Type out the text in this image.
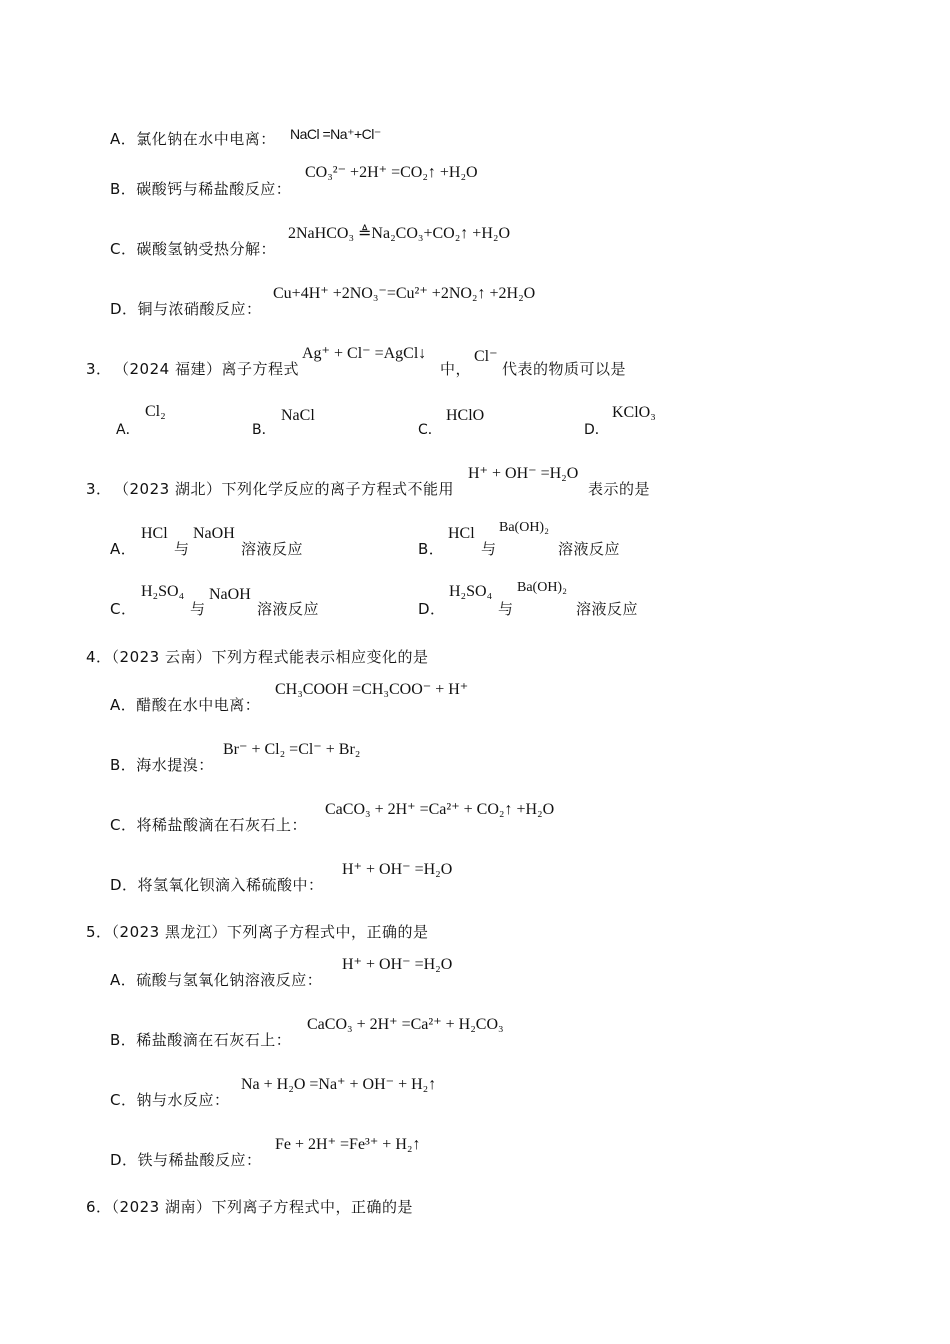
A．氯化钠在水中电离： NaCl =Na⁺+Cl⁻
B．碳酸钙与稀盐酸反应：
CO₃²⁻ +2H⁺ =CO₂↑ +H₂O
C．碳酸氢钠受热分解：
2NaHCO₃ ≜Na₂CO₃+CO₂↑ +H₂O
D．铜与浓硝酸反应：
Cu+4H⁺ +2NO₃⁻=Cu²⁺ +2NO₂↑ +2H₂O
3． （2024 福建）离子方程式
Ag⁺ + Cl⁻ =AgCl↓
中，
Cl⁻
代表的物质可以是
A．
Cl₂
B．
NaCl
C．
HClO
D．
KClO₃
3． （2023 湖北）下列化学反应的离子方程式不能用
H⁺ + OH⁻ =H₂O
表示的是
A．
HCl
与
NaOH
溶液反应	B．
HCl
与
Ba(OH)₂
溶液反应
C．
H₂SO₄
与
NaOH
溶液反应	D．
H₂SO₄
与
Ba(OH)₂
溶液反应
4．（2023 云南）下列方程式能表示相应变化的是
A．醋酸在水中电离：
CH₃COOH =CH₃COO⁻ + H⁺
B．海水提溴：
Br⁻ + Cl₂ =Cl⁻ + Br₂
C．将稀盐酸滴在石灰石上：
CaCO₃ + 2H⁺ =Ca²⁺ + CO₂↑ +H₂O
D．将氢氧化钡滴入稀硫酸中：
H⁺ + OH⁻ =H₂O
5．（2023 黑龙江）下列离子方程式中，正确的是
A．硫酸与氢氧化钠溶液反应：
H⁺ + OH⁻ =H₂O
B．稀盐酸滴在石灰石上：
CaCO₃ + 2H⁺ =Ca²⁺ + H₂CO₃
C．钠与水反应：
Na + H₂O =Na⁺ + OH⁻ + H₂↑
D．铁与稀盐酸反应：
Fe + 2H⁺ =Fe³⁺ + H₂↑
6．（2023 湖南）下列离子方程式中，正确的是
